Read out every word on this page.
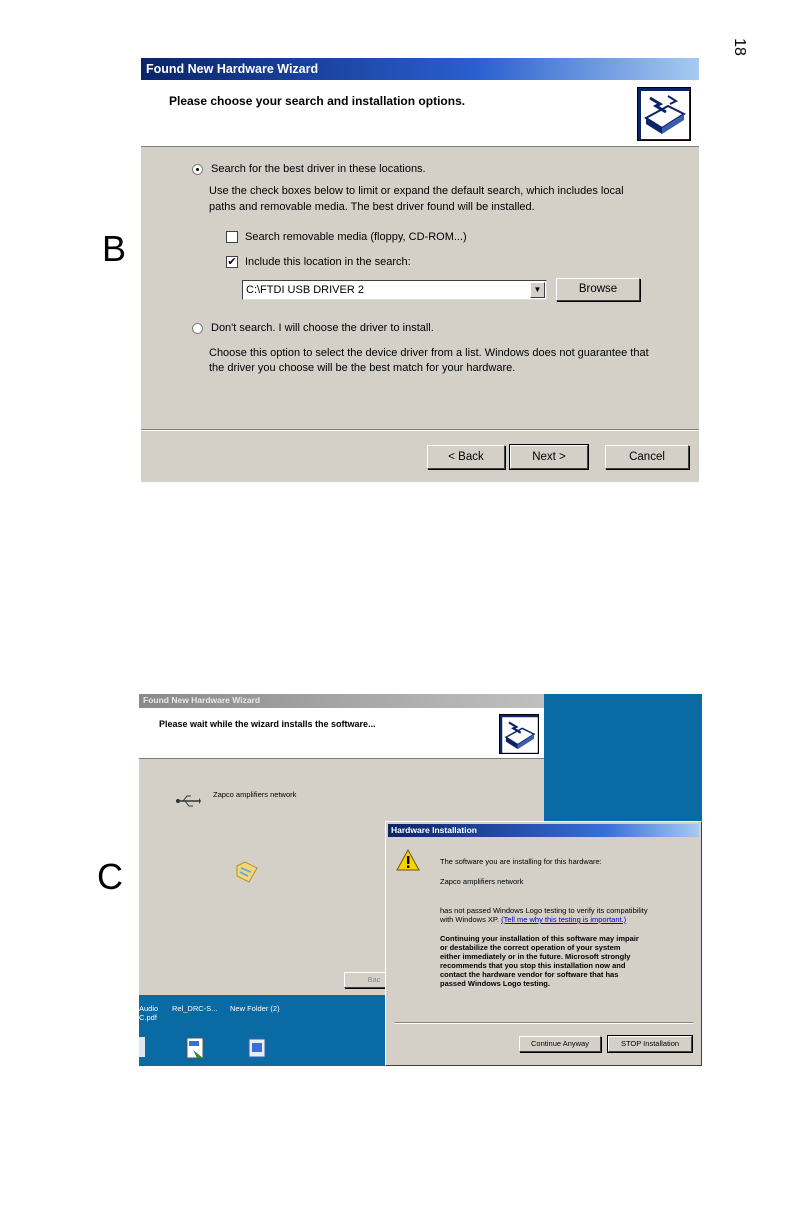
18
B
Found New Hardware Wizard
Please choose your search and installation options.
Search for the best driver in these locations.
Use the check boxes below to limit or expand the default search, which includes local
paths and removable media. The best driver found will be installed.
Search removable media (floppy, CD-ROM...)
✔ Include this location in the search:
C:\FTDI USB DRIVER 2	▼	Browse
Don't search. I will choose the driver to install.
Choose this option to select the device driver from a list. Windows does not guarantee that
the driver you choose will be the best match for your hardware.
< Back	Next >	Cancel
C
Found New Hardware Wizard
Please wait while the wizard installs the software...
Zapco amplifiers network
Bac
Audio
C.pdf
Rel_DRC-S... New Folder (2)
Hardware Installation
The software you are installing for this hardware:
Zapco amplifiers network
has not passed Windows Logo testing to verify its compatibility
with Windows XP. (Tell me why this testing is important.)
Continuing your installation of this software may impair
or destabilize the correct operation of your system
either immediately or in the future. Microsoft strongly
recommends that you stop this installation now and
contact the hardware vendor for software that has
passed Windows Logo testing.
Continue Anyway	STOP Installation
